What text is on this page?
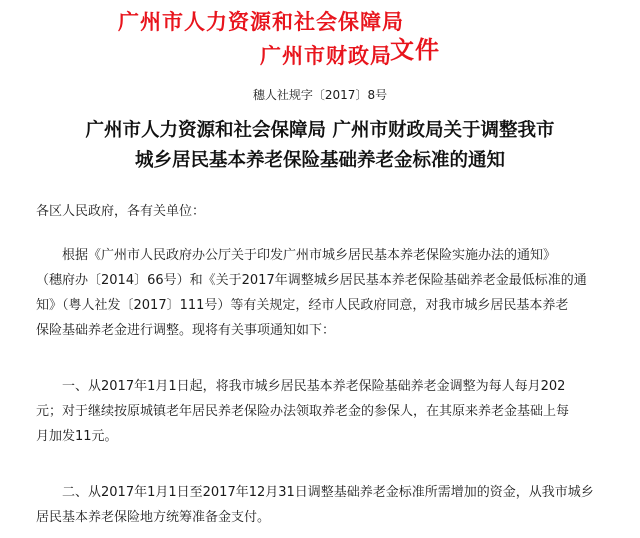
广州市人力资源和社会保障局
广州市财政局
文件
穗人社规字〔2017〕8号
广州市人力资源和社会保障局 广州市财政局关于调整我市
城乡居民基本养老保险基础养老金标准的通知
各区人民政府，各有关单位：
根据《广州市人民政府办公厅关于印发广州市城乡居民基本养老保险实施办法的通知》
（穗府办〔2014〕66号）和《关于2017年调整城乡居民基本养老保险基础养老金最低标准的通
知》（粤人社发〔2017〕111号）等有关规定，经市人民政府同意，对我市城乡居民基本养老
保险基础养老金进行调整。现将有关事项通知如下：
一、从2017年1月1日起，将我市城乡居民基本养老保险基础养老金调整为每人每月202
元；对于继续按原城镇老年居民养老保险办法领取养老金的参保人，在其原来养老金基础上每
月加发11元。
二、从2017年1月1日至2017年12月31日调整基础养老金标准所需增加的资金，从我市城乡
居民基本养老保险地方统筹准备金支付。
